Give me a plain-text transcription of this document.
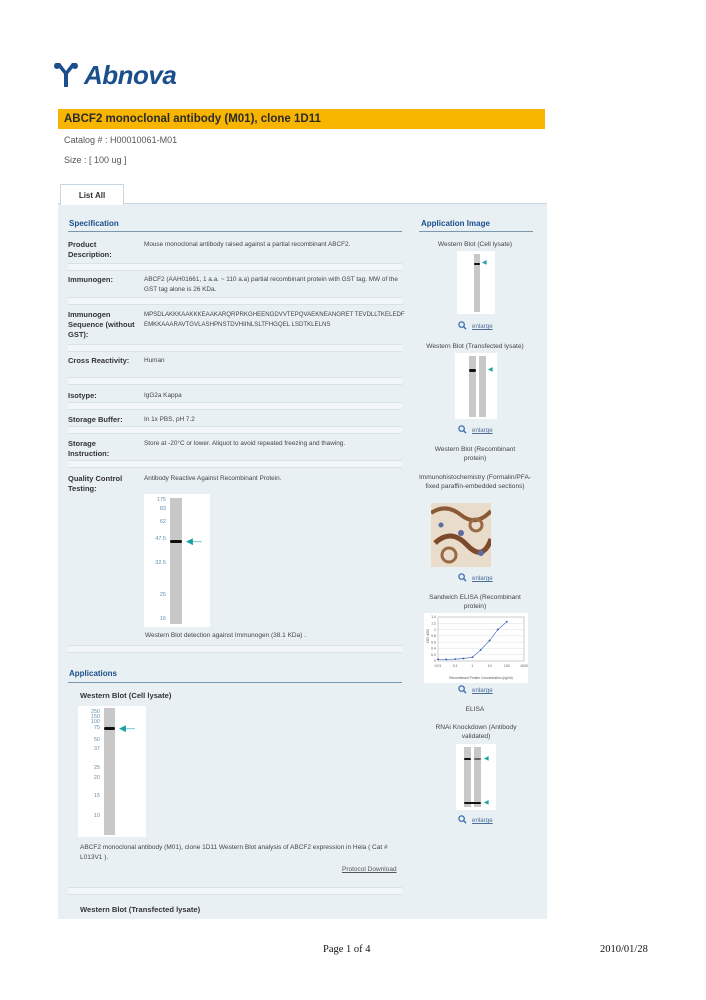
Abnova
ABCF2 monoclonal antibody (M01), clone 1D11
Catalog # : H00010061-M01
Size : [ 100 ug ]
List All
Specification
Product Description:
Mouse monoclonal antibody raised against a partial recombinant ABCF2.
Immunogen:	ABCF2 (AAH01661, 1 a.a. ~ 110 a.a) partial recombinant protein with GST tag. MW of the GST tag alone is 26 KDa.
Immunogen Sequence (without GST):
MPSDLAKKKAAKKKEAAKARQRPRKGHEENGDVVTEPQVAEKNEANGRET TEVDLLTKELEDFEMKKAAARAVTGVLASHPNSTDVHIINLSLTFHGQEL LSDTKLELNS
Cross Reactivity:	Human
Isotype:	IgG2a Kappa
Storage Buffer:	In 1x PBS, pH 7.2
Storage Instruction:
Store at -20°C or lower. Aliquot to avoid repeated freezing and thawing.
Quality Control Testing:
Antibody Reactive Against Recombinant Protein.
175
83
62
47.5
32.5
25
16
◀—
Western Blot detection against Immunogen (38.1 KDa) .
Applications
Western Blot (Cell lysate)
250
150
100
75
50
37
25
20
15
10
◀—
ABCF2 monoclonal antibody (M01), clone 1D11 Western Blot analysis of ABCF2 expression in Hela ( Cat # L013V1 ).
Protocol Download
Western Blot (Transfected lysate)
Application Image
Western Blot (Cell lysate)
◀
enlarge
Western Blot (Transfected lysate)
◀
enlarge
Western Blot (Recombinant protein)
Immunohistochemistry (Formalin/PFA-fixed paraffin-embedded sections)
enlarge
Sandwich ELISA (Recombinant protein)
OD 450
Recombinant Protein Concentration (ng/ml)
0.01	0.1	1	10	100	1000
1.4
1.2
1
0.8
0.6
0.4
0.2
0
enlarge
ELISA
RNAi Knockdown (Antibody validated)
◀
◀
enlarge
Page 1 of 4	2010/01/28
